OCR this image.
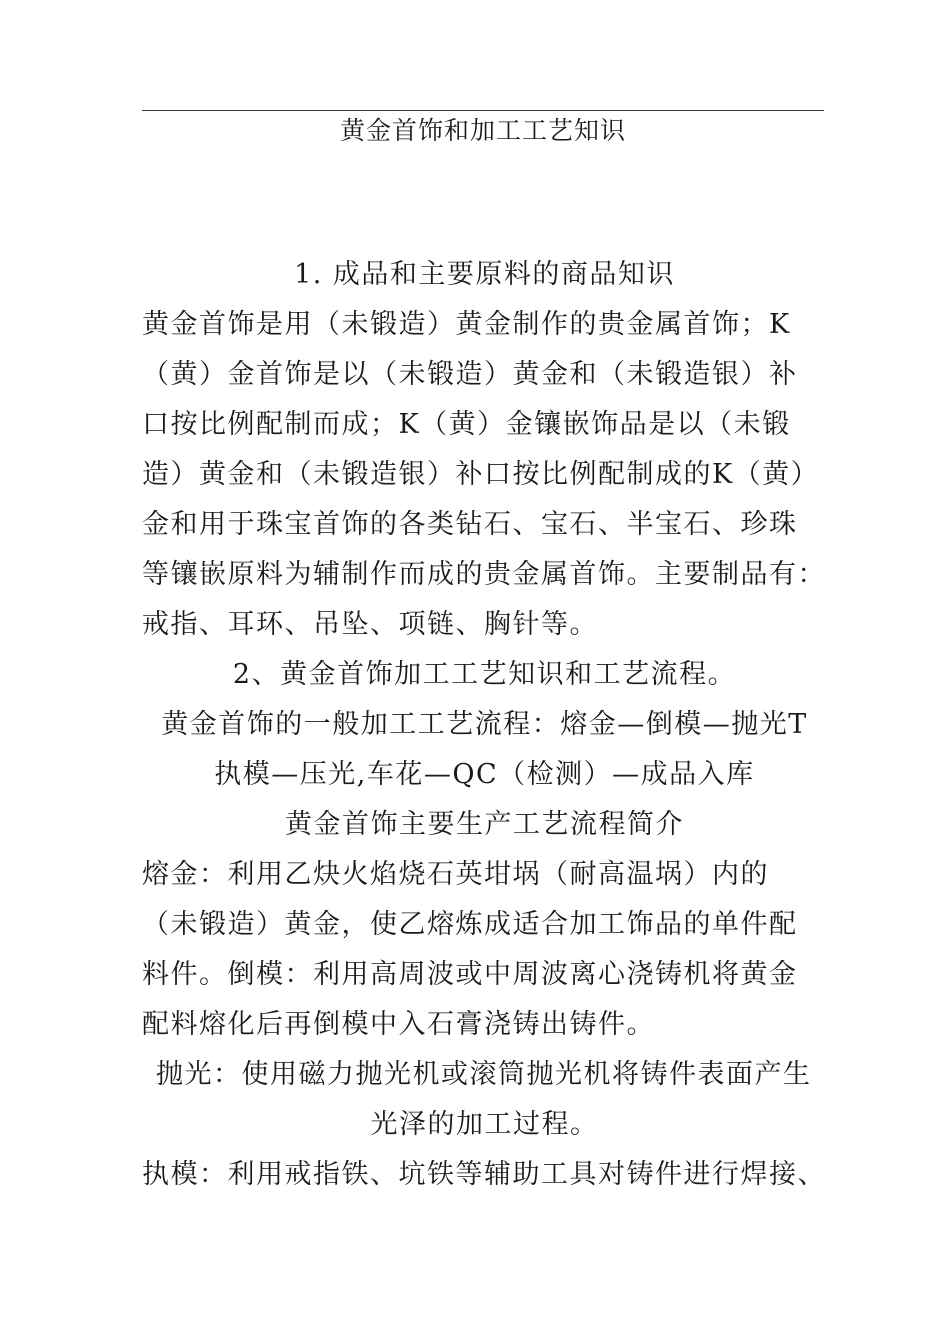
黄金首饰和加工工艺知识
1. 成品和主要原料的商品知识
黄金首饰是用（未锻造）黄金制作的贵金属首饰；K
（黄）金首饰是以（未锻造）黄金和（未锻造银）补
口按比例配制而成；K（黄）金镶嵌饰品是以（未锻
造）黄金和（未锻造银）补口按比例配制成的K（黄）
金和用于珠宝首饰的各类钻石、宝石、半宝石、珍珠
等镶嵌原料为辅制作而成的贵金属首饰。主要制品有：
戒指、耳环、吊坠、项链、胸针等。
2、黄金首饰加工工艺知识和工艺流程。
黄金首饰的一般加工工艺流程：熔金—倒模—抛光T
执模—压光,车花—QC（检测）—成品入库
黄金首饰主要生产工艺流程简介
熔金：利用乙炔火焰烧石英坩埚（耐高温埚）内的
（未锻造）黄金，使乙熔炼成适合加工饰品的单件配
料件。倒模：利用高周波或中周波离心浇铸机将黄金
配料熔化后再倒模中入石膏浇铸出铸件。
抛光：使用磁力抛光机或滚筒抛光机将铸件表面产生
光泽的加工过程。
执模：利用戒指铁、坑铁等辅助工具对铸件进行焊接、
